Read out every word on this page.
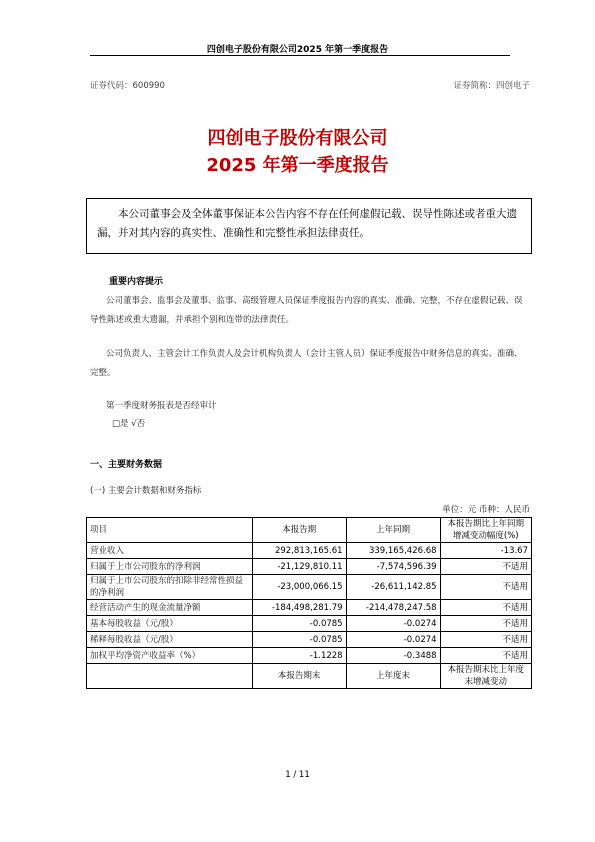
四创电子股份有限公司2025 年第一季度报告
证券代码：600990	证券简称：四创电子
四创电子股份有限公司
2025 年第一季度报告
本公司董事会及全体董事保证本公告内容不存在任何虚假记载、误导性陈述或者重大遗漏，并对其内容的真实性、准确性和完整性承担法律责任。
重要内容提示
公司董事会、监事会及董事、监事、高级管理人员保证季度报告内容的真实、准确、完整，不存在虚假记载、误导性陈述或重大遗漏，并承担个别和连带的法律责任。
公司负责人、主管会计工作负责人及会计机构负责人（会计主管人员）保证季度报告中财务信息的真实、准确、完整。
第一季度财务报表是否经审计
□是 √否
一、主要财务数据
(一) 主要会计数据和财务指标
单位：元 币种：人民币
项目	本报告期	上年同期	本报告期比上年同期增减变动幅度(%)
营业收入	292,813,165.61	339,165,426.68	-13.67
归属于上市公司股东的净利润	-21,129,810.11	-7,574,596.39	不适用
归属于上市公司股东的扣除非经常性损益的净利润	-23,000,066.15	-26,611,142.85	不适用
经营活动产生的现金流量净额	-184,498,281.79	-214,478,247.58	不适用
基本每股收益（元/股）	-0.0785	-0.0274	不适用
稀释每股收益（元/股）	-0.0785	-0.0274	不适用
加权平均净资产收益率（%）	-1.1228	-0.3488	不适用
	本报告期末	上年度末	本报告期末比上年度末增减变动
1 / 11
